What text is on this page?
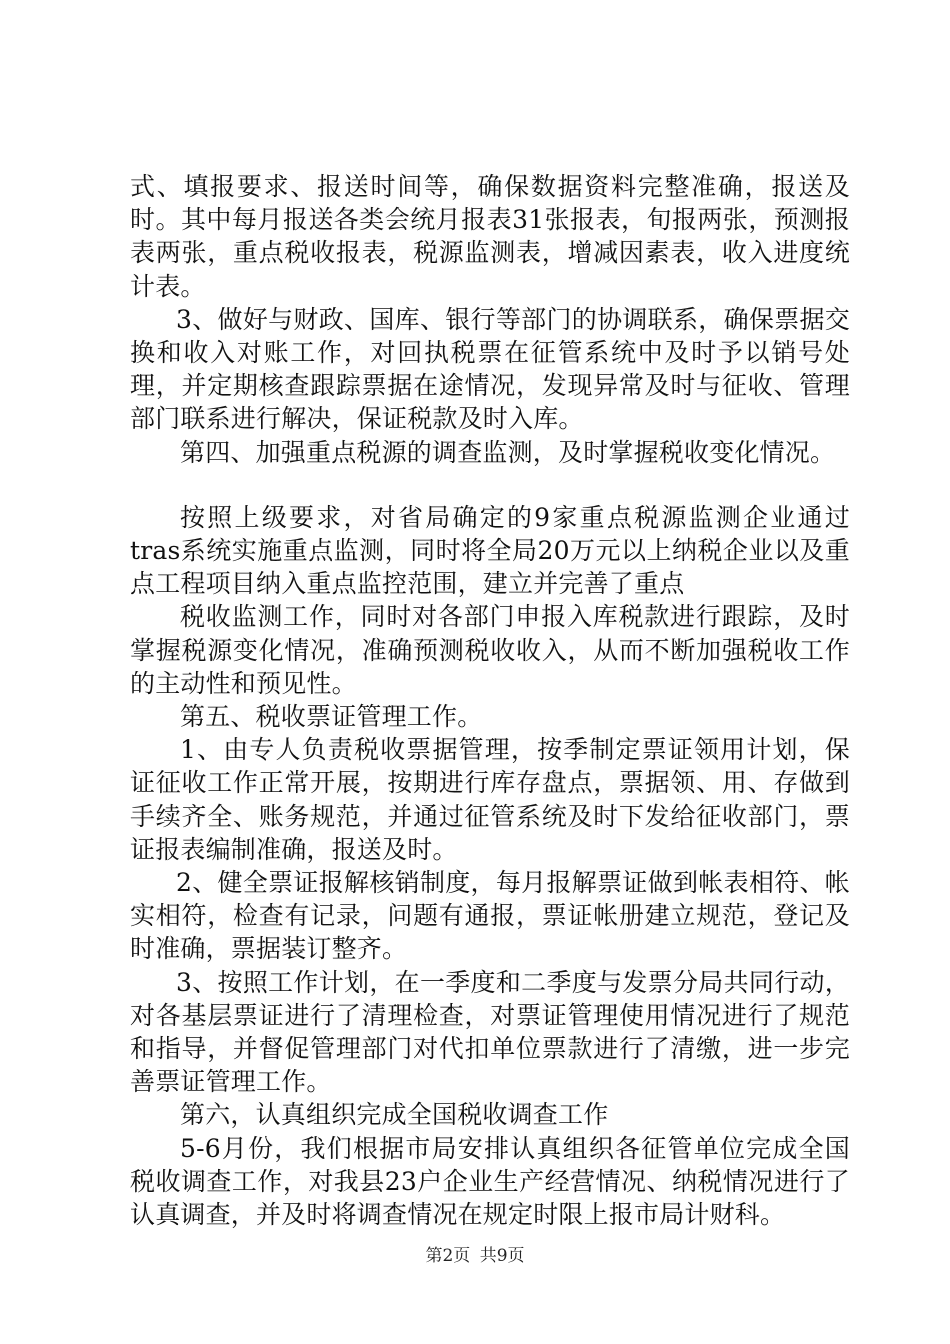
式、填报要求、报送时间等，确保数据资料完整准确，报送及时。其中每月报送各类会统月报表31张报表，旬报两张，预测报表两张，重点税收报表，税源监测表，增减因素表，收入进度统计表。

3、做好与财政、国库、银行等部门的协调联系，确保票据交换和收入对账工作，对回执税票在征管系统中及时予以销号处理，并定期核查跟踪票据在途情况，发现异常及时与征收、管理部门联系进行解决，保证税款及时入库。

第四、加强重点税源的调查监测，及时掌握税收变化情况。

按照上级要求，对省局确定的9家重点税源监测企业通过tras系统实施重点监测，同时将全局20万元以上纳税企业以及重点工程项目纳入重点监控范围，建立并完善了重点

税收监测工作，同时对各部门申报入库税款进行跟踪，及时掌握税源变化情况，准确预测税收收入，从而不断加强税收工作的主动性和预见性。

第五、税收票证管理工作。

1、由专人负责税收票据管理，按季制定票证领用计划，保证征收工作正常开展，按期进行库存盘点，票据领、用、存做到手续齐全、账务规范，并通过征管系统及时下发给征收部门，票证报表编制准确，报送及时。

2、健全票证报解核销制度，每月报解票证做到帐表相符、帐实相符，检查有记录，问题有通报，票证帐册建立规范，登记及时准确，票据装订整齐。

3、按照工作计划，在一季度和二季度与发票分局共同行动，对各基层票证进行了清理检查，对票证管理使用情况进行了规范和指导，并督促管理部门对代扣单位票款进行了清缴，进一步完善票证管理工作。

第六，认真组织完成全国税收调查工作

5-6月份，我们根据市局安排认真组织各征管单位完成全国税收调查工作，对我县23户企业生产经营情况、纳税情况进行了认真调查，并及时将调查情况在规定时限上报市局计财科。

第2页 共9页
